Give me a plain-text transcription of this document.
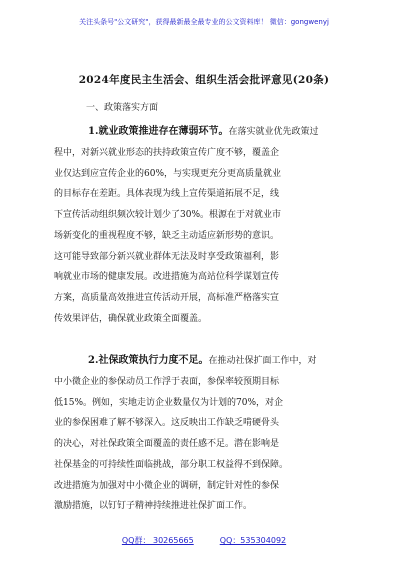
关注头条号"公文研究"，获得最新最全最专业的公文资料库！ 微信：gongwenyj
2024年度民主生活会、组织生活会批评意见(20条)
一、政策落实方面
1.就业政策推进存在薄弱环节。在落实就业优先政策过
程中，对新兴就业形态的扶持政策宣传广度不够，覆盖企
业仅达到应宣传企业的60%，与实现更充分更高质量就业
的目标存在差距。具体表现为线上宣传渠道拓展不足，线
下宣传活动组织频次较计划少了30%。根源在于对就业市
场新变化的重视程度不够，缺乏主动适应新形势的意识。
这可能导致部分新兴就业群体无法及时享受政策福利，影
响就业市场的健康发展。改进措施为高站位科学谋划宣传
方案，高质量高效推进宣传活动开展，高标准严格落实宣
传效果评估，确保就业政策全面覆盖。
2.社保政策执行力度不足。在推动社保扩面工作中，对
中小微企业的参保动员工作浮于表面，参保率较预期目标
低15%。例如，实地走访企业数量仅为计划的70%，对企
业的参保困难了解不够深入。这反映出工作缺乏啃硬骨头
的决心，对社保政策全面覆盖的责任感不足。潜在影响是
社保基金的可持续性面临挑战，部分职工权益得不到保障。
改进措施为加强对中小微企业的调研，制定针对性的参保
激励措施，以钉钉子精神持续推进社保扩面工作。
QQ群： 30265665	QQ：535304092
